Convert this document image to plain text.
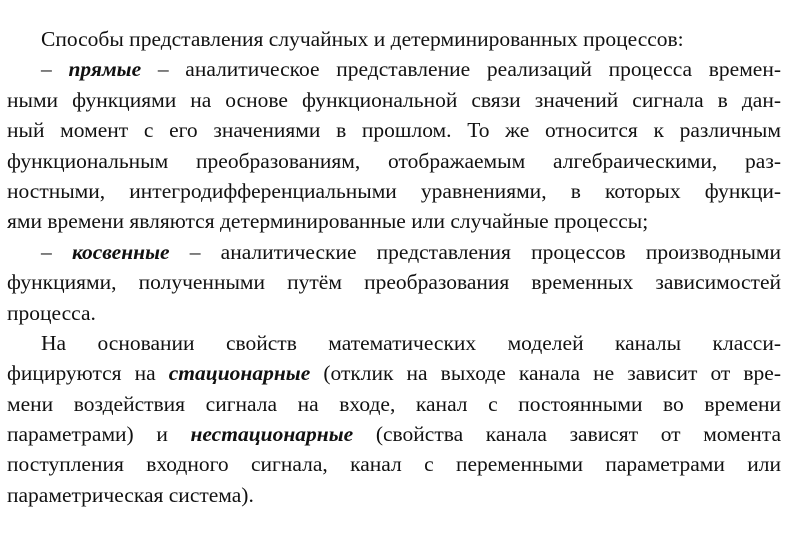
Способы представления случайных и детерминированных процессов:
– прямые – аналитическое представление реализаций процесса времен-
ными функциями на основе функциональной связи значений сигнала в дан-
ный момент с его значениями в прошлом. То же относится к различным
функциональным преобразованиям, отображаемым алгебраическими, раз-
ностными, интегродифференциальными уравнениями, в которых функци-
ями времени являются детерминированные или случайные процессы;
– косвенные – аналитические представления процессов производными
функциями, полученными путём преобразования временных зависимостей
процесса.
На основании свойств математических моделей каналы класси-
фицируются на стационарные (отклик на выходе канала не зависит от вре-
мени воздействия сигнала на входе, канал с постоянными во времени
параметрами) и нестационарные (свойства канала зависят от момента
поступления входного сигнала, канал с переменными параметрами или
параметрическая система).
